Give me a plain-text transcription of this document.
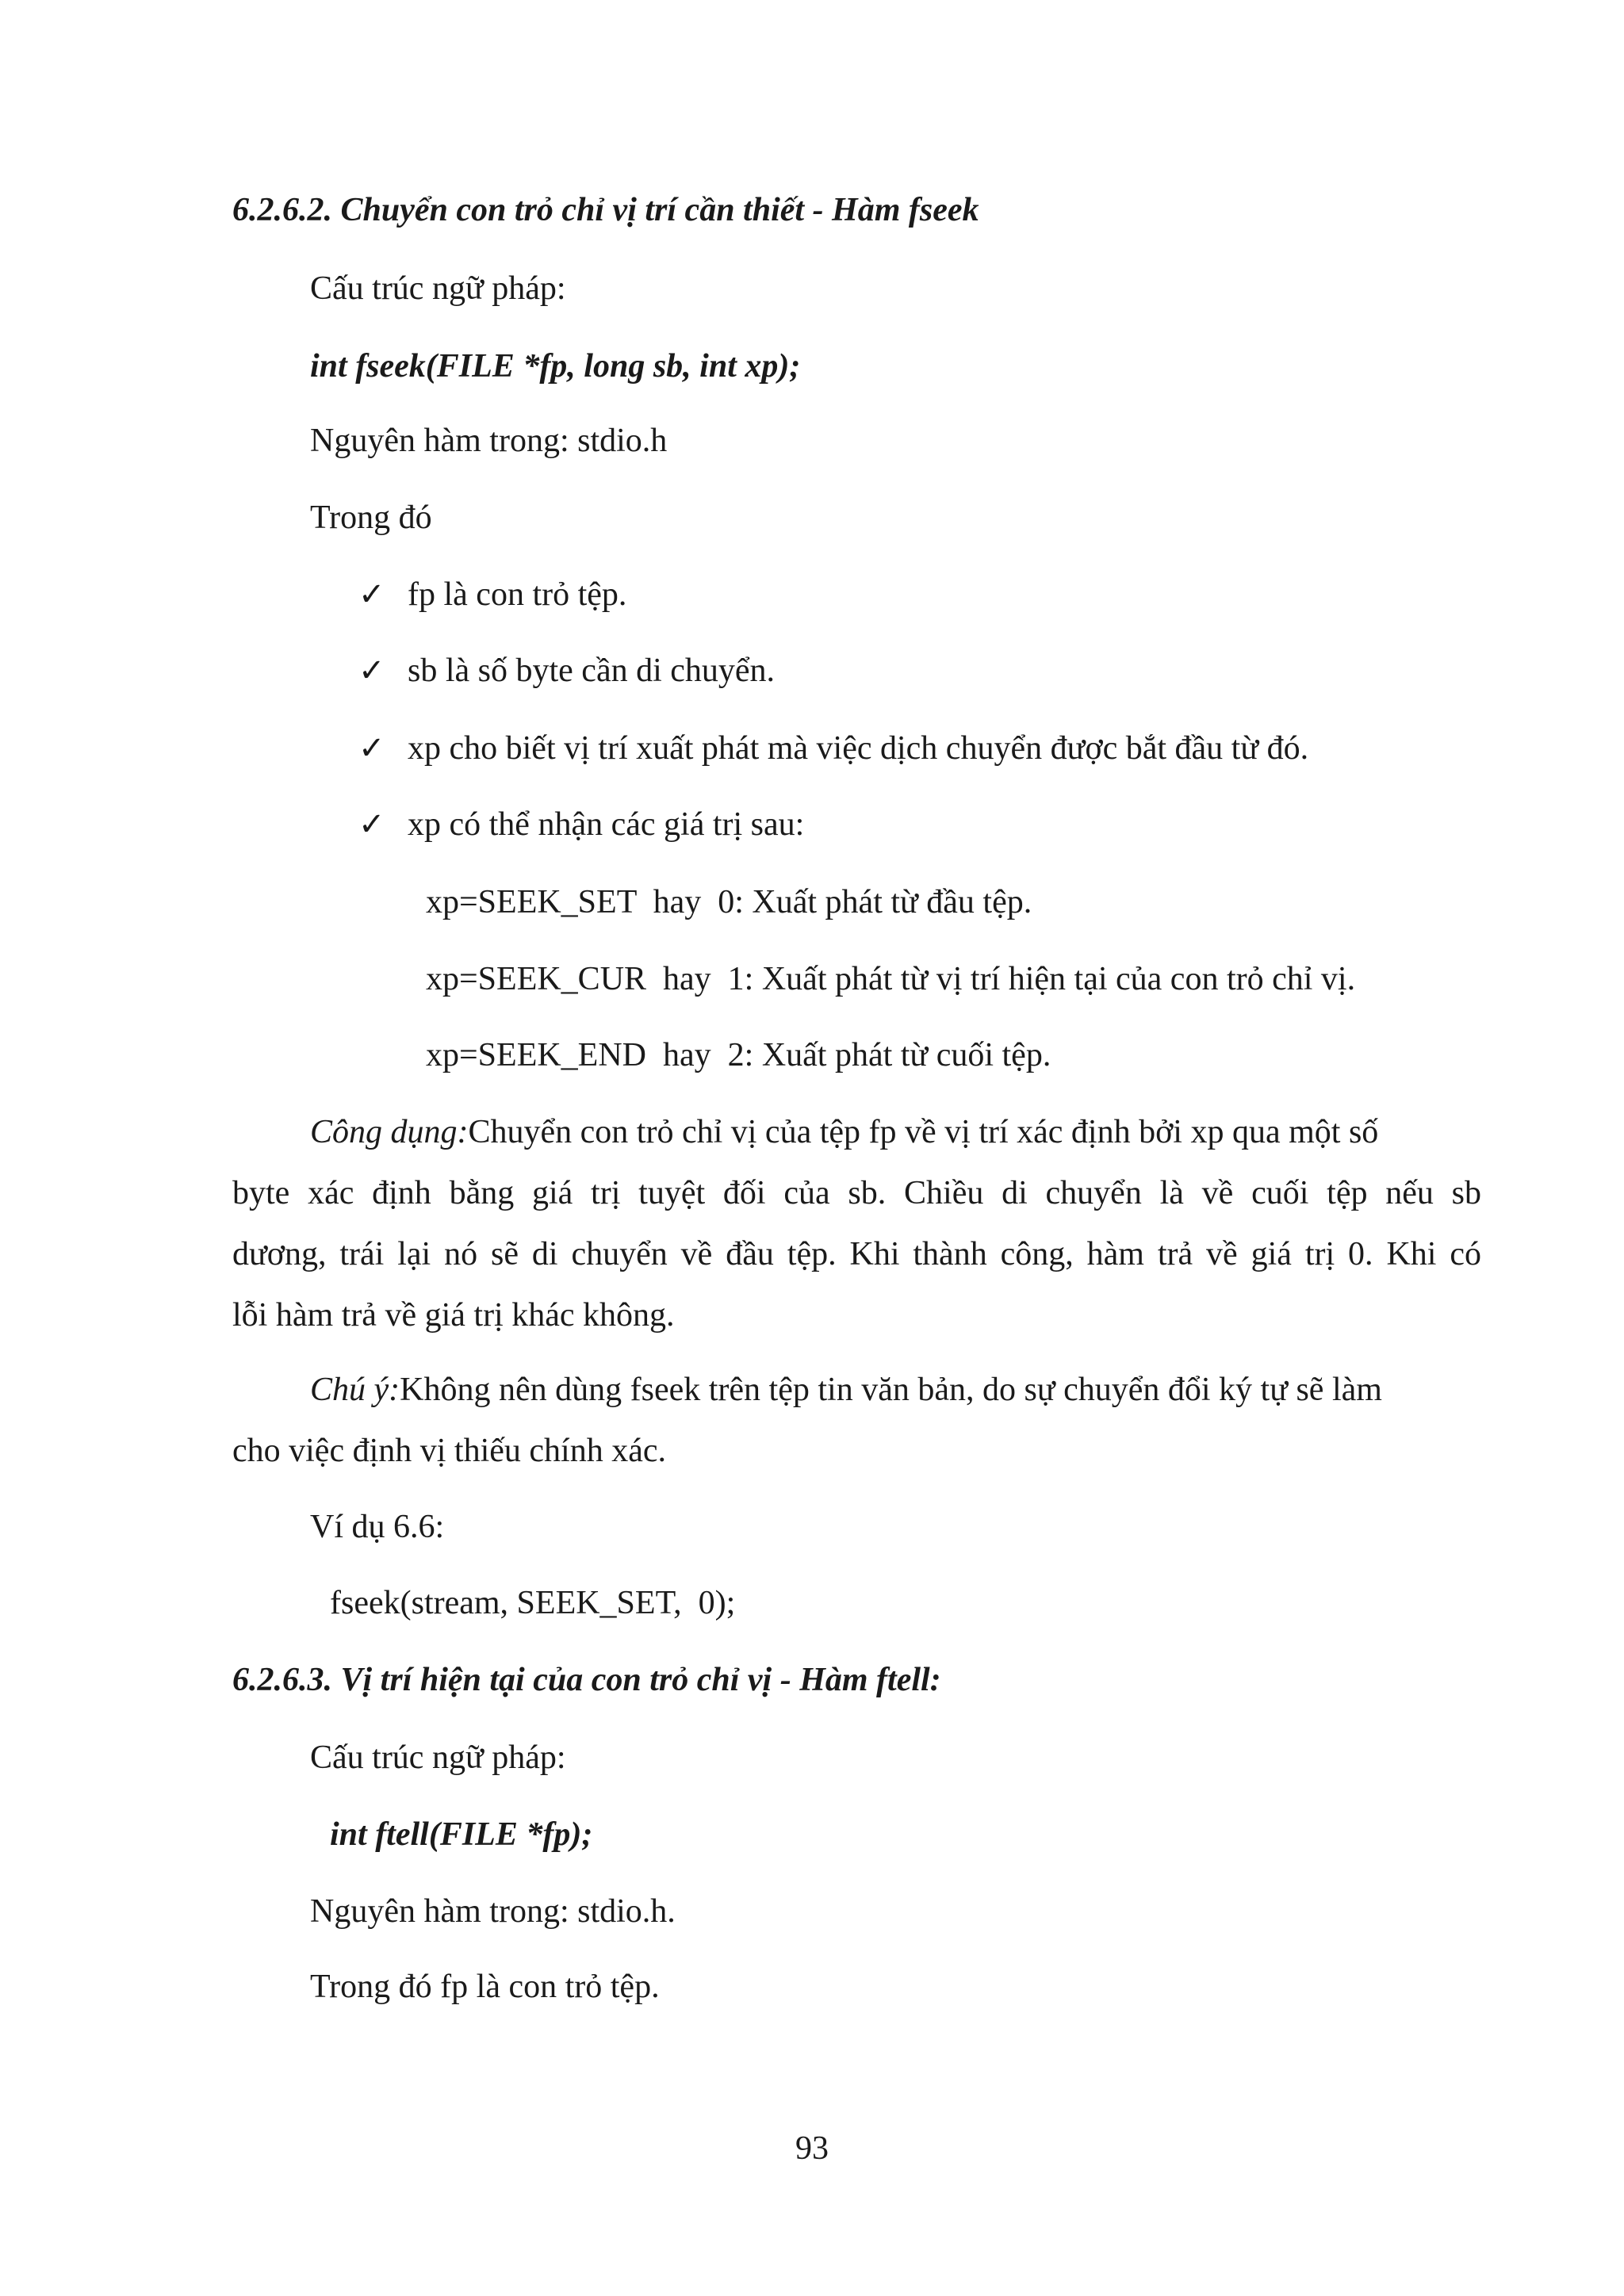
6.2.6.2. Chuyển con trỏ chỉ vị trí cần thiết - Hàm fseek

Cấu trúc ngữ pháp:

int fseek(FILE *fp, long sb, int xp);

Nguyên hàm trong: stdio.h

Trong đó

✓ fp là con trỏ tệp.

✓ sb là số byte cần di chuyển.

✓ xp cho biết vị trí xuất phát mà việc dịch chuyển được bắt đầu từ đó.

✓ xp có thể nhận các giá trị sau:

xp=SEEK_SET  hay  0: Xuất phát từ đầu tệp.

xp=SEEK_CUR  hay  1: Xuất phát từ vị trí hiện tại của con trỏ chỉ vị.

xp=SEEK_END  hay  2: Xuất phát từ cuối tệp.

Công dụng:Chuyển con trỏ chỉ vị của tệp fp về vị trí xác định bởi xp qua một số

byte xác định bằng giá trị tuyệt đối của sb. Chiều di chuyển là về cuối tệp nếu sb

dương, trái lại nó sẽ di chuyển về đầu tệp. Khi thành công, hàm trả về giá trị 0. Khi có

lỗi hàm trả về giá trị khác không.

Chú ý:Không nên dùng fseek trên tệp tin văn bản, do sự chuyển đổi ký tự sẽ làm

cho việc định vị thiếu chính xác.

Ví dụ 6.6:

fseek(stream, SEEK_SET,  0);

6.2.6.3. Vị trí hiện tại của con trỏ chỉ vị - Hàm ftell:

Cấu trúc ngữ pháp:

int ftell(FILE *fp);

Nguyên hàm trong: stdio.h.

Trong đó fp là con trỏ tệp.

93
